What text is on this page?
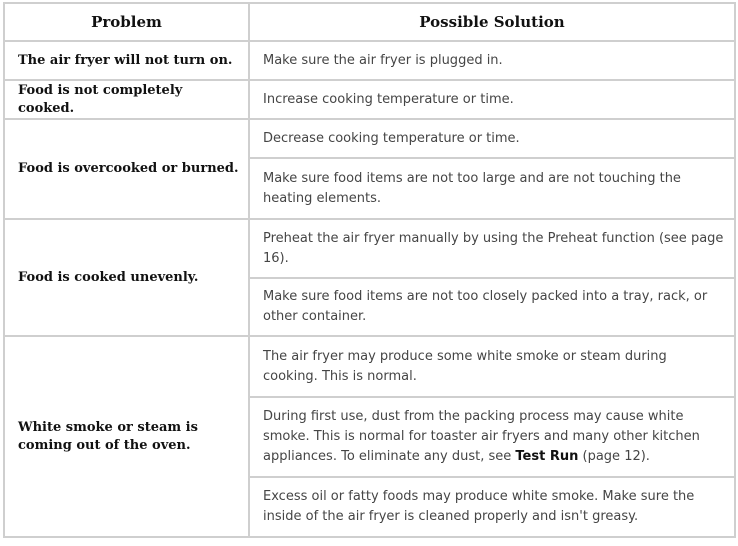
Problem	Possible Solution
The air fryer will not turn on.	Make sure the air fryer is plugged in.
Food is not completely cooked.	Increase cooking temperature or time.
Food is overcooked or burned.	Decrease cooking temperature or time.
	Make sure food items are not too large and are not touching the heating elements.
Food is cooked unevenly.	Preheat the air fryer manually by using the Preheat function (see page 16).
	Make sure food items are not too closely packed into a tray, rack, or other container.
White smoke or steam is coming out of the oven.	The air fryer may produce some white smoke or steam during cooking. This is normal.
	During first use, dust from the packing process may cause white smoke. This is normal for toaster air fryers and many other kitchen appliances. To eliminate any dust, see Test Run (page 12).
	Excess oil or fatty foods may produce white smoke. Make sure the inside of the air fryer is cleaned properly and isn't greasy.
